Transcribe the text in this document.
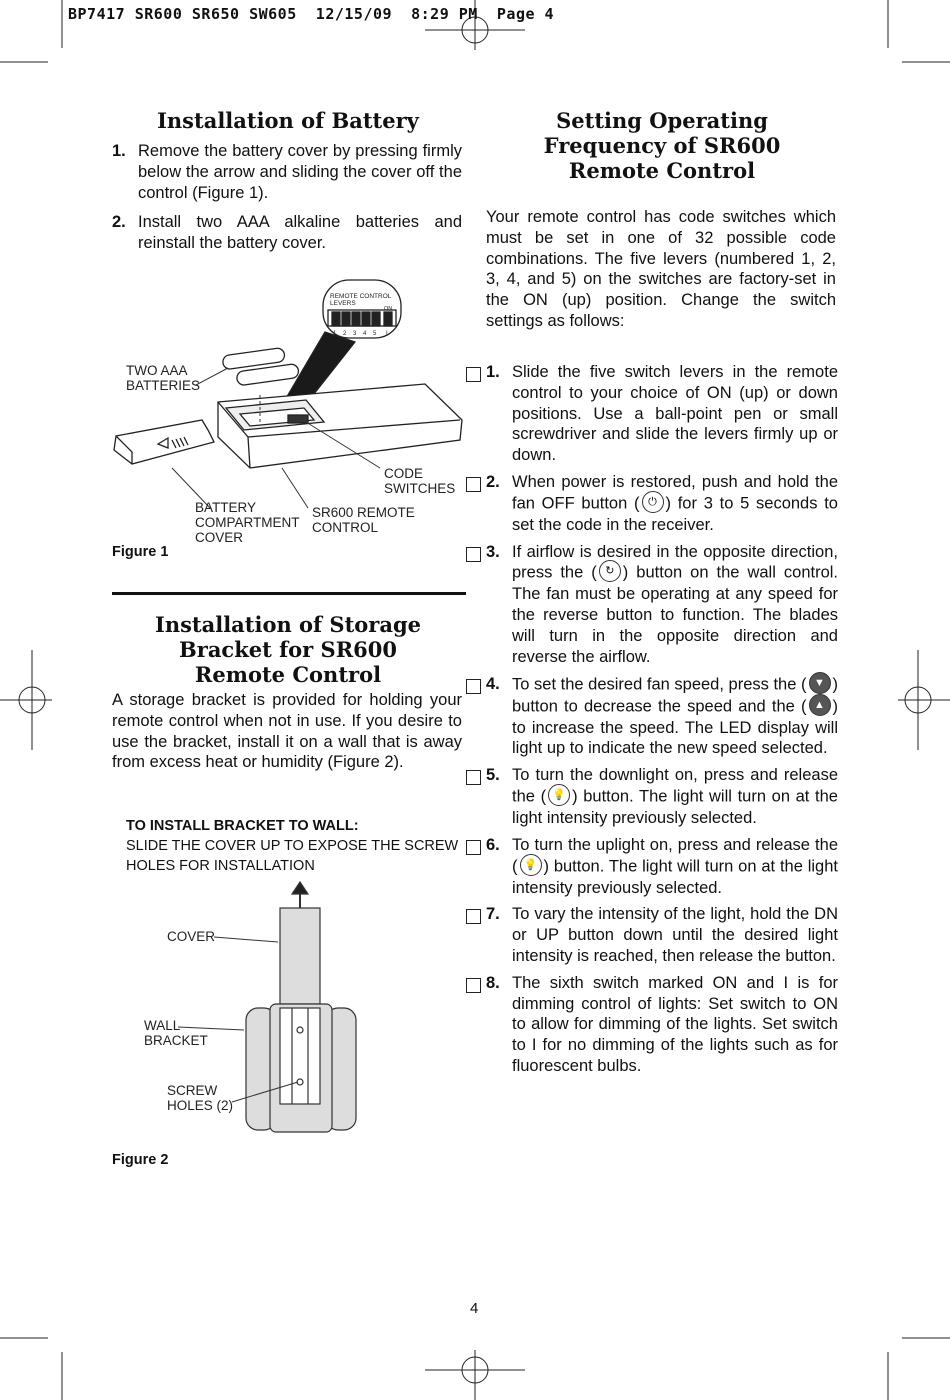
BP7417 SR600 SR650 SW605  12/15/09  8:29 PM  Page 4
Installation of Battery
1. Remove the battery cover by pressing firmly below the arrow and sliding the cover off the control (Figure 1).
2. Install two AAA alkaline batteries and reinstall the battery cover.
REMOTE CONTROL
LEVERS
ON
1 2 3 4 5 I
TWO AAA
BATTERIES
CODE
SWITCHES
BATTERY
COMPARTMENT
COVER
SR600 REMOTE
CONTROL
Figure 1
Installation of Storage
Bracket for SR600
Remote Control
A storage bracket is provided for holding your remote control when not in use. If you desire to use the bracket, install it on a wall that is away from excess heat or humidity (Figure 2).
TO INSTALL BRACKET TO WALL:
SLIDE THE COVER UP TO EXPOSE THE SCREW
HOLES FOR INSTALLATION
COVER
WALL
BRACKET
SCREW
HOLES (2)
Figure 2
Setting Operating
Frequency of SR600
Remote Control
Your remote control has code switches which must be set in one of 32 possible code combinations. The five levers (numbered 1, 2, 3, 4, and 5) on the switches are factory-set in the ON (up) position. Change the switch settings as follows:
1. Slide the five switch levers in the remote control to your choice of ON (up) or down positions. Use a ball-point pen or small screwdriver and slide the levers firmly up or down.
2. When power is restored, push and hold the fan OFF button ( ⏻ ) for 3 to 5 seconds to set the code in the receiver.
3. If airflow is desired in the opposite direction, press the ( ↻ ) button on the wall control. The fan must be operating at any speed for the reverse button to function. The blades will turn in the opposite direction and reverse the airflow.
4. To set the desired fan speed, press the ( ▼ ) button to decrease the speed and the ( ▲ ) to increase the speed. The LED display will light up to indicate the new speed selected.
5. To turn the downlight on, press and release the ( 💡 ) button. The light will turn on at the light intensity previously selected.
6. To turn the uplight on, press and release the ( 💡 ) button. The light will turn on at the light intensity previously selected.
7. To vary the intensity of the light, hold the DN or UP button down until the desired light intensity is reached, then release the button.
8. The sixth switch marked ON and I is for dimming control of lights: Set switch to ON to allow for dimming of the lights. Set switch to I for no dimming of the lights such as for fluorescent bulbs.
4
